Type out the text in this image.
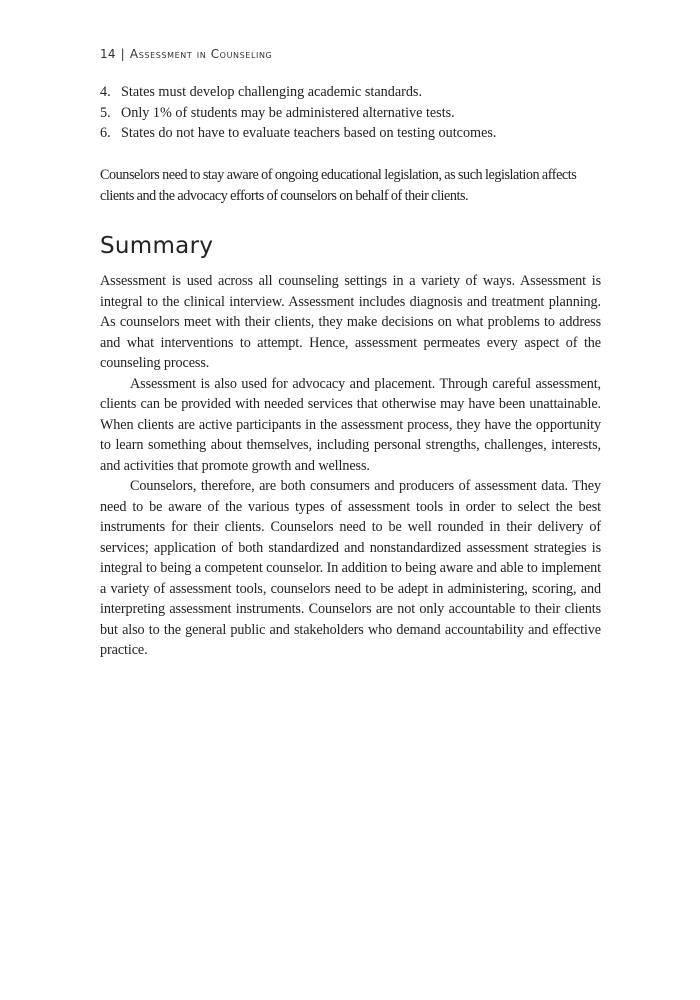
14 | Assessment in Counseling
4. States must develop challenging academic standards.
5. Only 1% of students may be administered alternative tests.
6. States do not have to evaluate teachers based on testing outcomes.

Counselors need to stay aware of ongoing educational legislation, as such legislation affects clients and the advocacy efforts of counselors on behalf of their clients.

Summary

Assessment is used across all counseling settings in a variety of ways. Assessment is integral to the clinical interview. Assessment includes diagnosis and treatment planning. As counselors meet with their clients, they make decisions on what problems to address and what interventions to attempt. Hence, assessment permeates every aspect of the counseling process.

Assessment is also used for advocacy and placement. Through careful assessment, clients can be provided with needed services that otherwise may have been unattainable. When clients are active participants in the assessment process, they have the opportunity to learn something about themselves, including personal strengths, challenges, interests, and activities that promote growth and wellness.

Counselors, therefore, are both consumers and producers of assessment data. They need to be aware of the various types of assessment tools in order to select the best instruments for their clients. Counselors need to be well rounded in their delivery of services; application of both standardized and nonstandardized assessment strategies is integral to being a competent counselor. In addition to being aware and able to implement a variety of assessment tools, counselors need to be adept in administering, scoring, and interpreting assessment instruments. Counselors are not only accountable to their clients but also to the general public and stakeholders who demand accountability and effective practice.
